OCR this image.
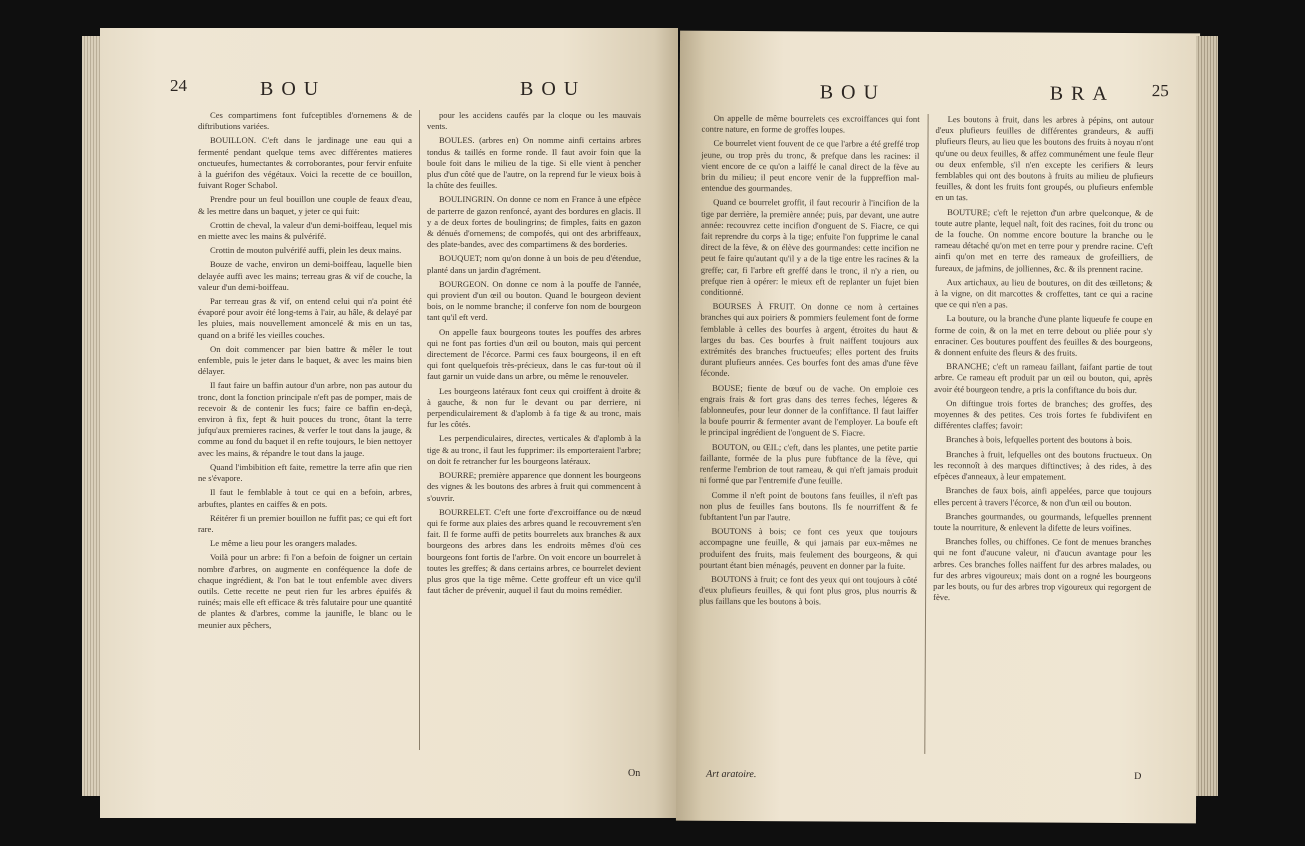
24	BOU	BOU

Ces compartimens font fufceptibles d'ornemens & de diftributions variées.

BOUILLON. C'eft dans le jardinage une eau qui a fermenté pendant quelque tems avec différentes matieres onctueufes, humectantes & corroborantes, pour fervir enfuite à la guérifon des végétaux. Voici la recette de ce bouillon, fuivant Roger Schabol.

Prendre pour un feul bouillon une couple de feaux d'eau, & les mettre dans un baquet, y jeter ce qui fuit:

Crottin de cheval, la valeur d'un demi-boiffeau, lequel mis en miette avec les mains & pulvérifé.

Crottin de mouton pulvérifé auffi, plein les deux mains.

Bouze de vache, environ un demi-boiffeau, laquelle bien delayée auffi avec les mains; terreau gras & vif de couche, la valeur d'un demi-boiffeau.

Par terreau gras & vif, on entend celui qui n'a point été évaporé pour avoir été long-tems à l'air, au hâle, & delayé par les pluies, mais nouvellement amoncelé & mis en un tas, quand on a brifé les vieilles couches.

On doit commencer par bien battre & mêler le tout enfemble, puis le jeter dans le baquet, & avec les mains bien délayer.

Il faut faire un baffin autour d'un arbre, non pas autour du tronc, dont la fonction principale n'eft pas de pomper, mais de recevoir & de contenir les fucs; faire ce baffin en-deçà, environ à fix, fept & huit pouces du tronc, ôtant la terre jufqu'aux premieres racines, & verfer le tout dans la jauge, & comme au fond du baquet il en refte toujours, le bien nettoyer avec les mains, & répandre le tout dans la jauge.

Quand l'imbibition eft faite, remettre la terre afin que rien ne s'évapore.

Il faut le femblable à tout ce qui en a befoin, arbres, arbuftes, plantes en caiffes & en pots.

Réitérer fi un premier bouillon ne fuffit pas; ce qui eft fort rare.

Le même a lieu pour les orangers malades.

Voilà pour un arbre: fi l'on a befoin de foigner un certain nombre d'arbres, on augmente en conféquence la dofe de chaque ingrédient, & l'on bat le tout enfemble avec divers outils. Cette recette ne peut rien fur les arbres épuifés & ruinés; mais elle eft efficace & très falutaire pour une quantité de plantes & d'arbres, comme la jaunifle, le blanc ou le meunier aux pêchers,

pour les accidens caufés par la cloque ou les mauvais vents.

BOULES. (arbres en) On nomme ainfi certains arbres tondus & taillés en forme ronde. Il faut avoir foin que la boule foit dans le milieu de la tige. Si elle vient à pencher plus d'un côté que de l'autre, on la reprend fur le vieux bois à la chûte des feuilles.

BOULINGRIN. On donne ce nom en France à une efpèce de parterre de gazon renfoncé, ayant des bordures en glacis. Il y a de deux fortes de boulingrins; de fimples, faits en gazon & dénués d'ornemens; de compofés, qui ont des arbriffeaux, des plate-bandes, avec des compartimens & des borderies.

BOUQUET; nom qu'on donne à un bois de peu d'étendue, planté dans un jardin d'agrément.

BOURGEON. On donne ce nom à la pouffe de l'année, qui provient d'un œil ou bouton. Quand le bourgeon devient bois, on le nomme branche; il conferve fon nom de bourgeon tant qu'il eft verd.

On appelle faux bourgeons toutes les pouffes des arbres qui ne font pas forties d'un œil ou bouton, mais qui percent directement de l'écorce. Parmi ces faux bourgeons, il en eft qui font quelquefois très-précieux, dans le cas fur-tout où il faut garnir un vuide dans un arbre, ou même le renouveler.

Les bourgeons latéraux font ceux qui croiffent à droite & à gauche, & non fur le devant ou par derriere, ni perpendiculairement & d'aplomb à fa tige & au tronc, mais fur les côtés.

Les perpendiculaires, directes, verticales & d'aplomb à la tige & au tronc, il faut les fupprimer: ils emporteraient l'arbre; on doit fe retrancher fur les bourgeons latéraux.

BOURRE; première apparence que donnent les bourgeons des vignes & les boutons des arbres à fruit qui commencent à s'ouvrir.

BOURRELET. C'eft une forte d'excroiffance ou de nœud qui fe forme aux plaies des arbres quand le recouvrement s'en fait. Il fe forme auffi de petits bourrelets aux branches & aux bourgeons des arbres dans les endroits mêmes d'où ces bourgeons font fortis de l'arbre. On voit encore un bourrelet à toutes les greffes; & dans certains arbres, ce bourrelet devient plus gros que la tige même. Cette groffeur eft un vice qu'il faut tâcher de prévenir, auquel il faut du moins remédier.

On
BOU	BRA 25

On appelle de même bourrelets ces excroiffances qui font contre nature, en forme de groffes loupes.

Ce bourrelet vient fouvent de ce que l'arbre a été greffé trop jeune, ou trop près du tronc, & prefque dans les racines: il vient encore de ce qu'on a laiffé le canal direct de la fève au brin du milieu; il peut encore venir de la fuppreffion mal-entendue des gourmandes.

Quand ce bourrelet groffit, il faut recourir à l'incifion de la tige par derrière, la première année; puis, par devant, une autre année: recouvrez cette incifion d'onguent de S. Fiacre, ce qui fait reprendre du corps à la tige; enfuite l'on fupprime le canal direct de la fève, & on élève des gourmandes: cette incifion ne peut fe faire qu'autant qu'il y a de la tige entre les racines & la greffe; car, fi l'arbre eft greffé dans le tronc, il n'y a rien, ou prefque rien à opérer: le mieux eft de replanter un fujet bien conditionné.

BOURSES À FRUIT. On donne ce nom à certaines branches qui aux poiriers & pommiers feulement font de forme femblable à celles des bourfes à argent, étroites du haut & larges du bas. Ces bourfes à fruit naiffent toujours aux extrémités des branches fructueufes; elles portent des fruits durant plufieurs années. Ces bourfes font des amas d'une fève féconde.

BOUSE; fiente de bœuf ou de vache. On emploie ces engrais frais & fort gras dans des terres feches, légeres & fablonneufes, pour leur donner de la confiftance. Il faut laiffer la boufe pourrir & fermenter avant de l'employer. La boufe eft le principal ingrédient de l'onguent de S. Fiacre.

BOUTON, ou ŒIL; c'eft, dans les plantes, une petite partie faillante, formée de la plus pure fubftance de la fève, qui renferme l'embrion de tout rameau, & qui n'eft jamais produit ni formé que par l'entremife d'une feuille.

Comme il n'eft point de boutons fans feuilles, il n'eft pas non plus de feuilles fans boutons. Ils fe nourriffent & fe fubftantent l'un par l'autre.

BOUTONS à bois; ce font ces yeux que toujours accompagne une feuille, & qui jamais par eux-mêmes ne produifent des fruits, mais feulement des bourgeons, & qui pourtant étant bien ménagés, peuvent en donner par la fuite.

BOUTONS à fruit; ce font des yeux qui ont toujours à côté d'eux plufieurs feuilles, & qui font plus gros, plus nourris & plus faillans que les boutons à bois.

Les boutons à fruit, dans les arbres à pépins, ont autour d'eux plufieurs feuilles de différentes grandeurs, & auffi plufieurs fleurs, au lieu que les boutons des fruits à noyau n'ont qu'une ou deux feuilles, & affez communément une feule fleur ou deux enfemble, s'il n'en excepte les cerifiers & leurs femblables qui ont des boutons à fruits au milieu de plufieurs feuilles, & dont les fruits font groupés, ou plufieurs enfemble en un tas.

BOUTURE; c'eft le rejetton d'un arbre quelconque, & de toute autre plante, lequel naît, foit des racines, foit du tronc ou de la fouche. On nomme encore bouture la branche ou le rameau détaché qu'on met en terre pour y prendre racine. C'eft ainfi qu'on met en terre des rameaux de grofeilliers, de fureaux, de jafmins, de jolliennes, &c. & ils prennent racine.

Aux artichaux, au lieu de boutures, on dit des œilletons; & à la vigne, on dit marcottes & croffettes, tant ce qui a racine que ce qui n'en a pas.

La bouture, ou la branche d'une plante liqueufe fe coupe en forme de coin, & on la met en terre debout ou pliée pour s'y enraciner. Ces boutures pouffent des feuilles & des bourgeons, & donnent enfuite des fleurs & des fruits.

BRANCHE; c'eft un rameau faillant, faifant partie de tout arbre. Ce rameau eft produit par un œil ou bouton, qui, après avoir été bourgeon tendre, a pris la confiftance du bois dur.

On diftingue trois fortes de branches; des groffes, des moyennes & des petites. Ces trois fortes fe fubdivifent en différentes claffes; favoir:

Branches à bois, lefquelles portent des boutons à bois.

Branches à fruit, lefquelles ont des boutons fructueux. On les reconnoît à des marques diftinctives; à des rides, à des efpèces d'anneaux, à leur empatement.

Branches de faux bois, ainfi appelées, parce que toujours elles percent à travers l'écorce, & non d'un œil ou bouton.

Branches gourmandes, ou gourmands, lefquelles prennent toute la nourriture, & enlevent la difette de leurs voifines.

Branches folles, ou chiffones. Ce font de menues branches qui ne font d'aucune valeur, ni d'aucun avantage pour les arbres. Ces branches folles naiffent fur des arbres malades, ou fur des arbres vigoureux; mais dont on a rogné les bourgeons par les bouts, ou fur des arbres trop vigoureux qui regorgent de fève.

Art aratoire.	D
